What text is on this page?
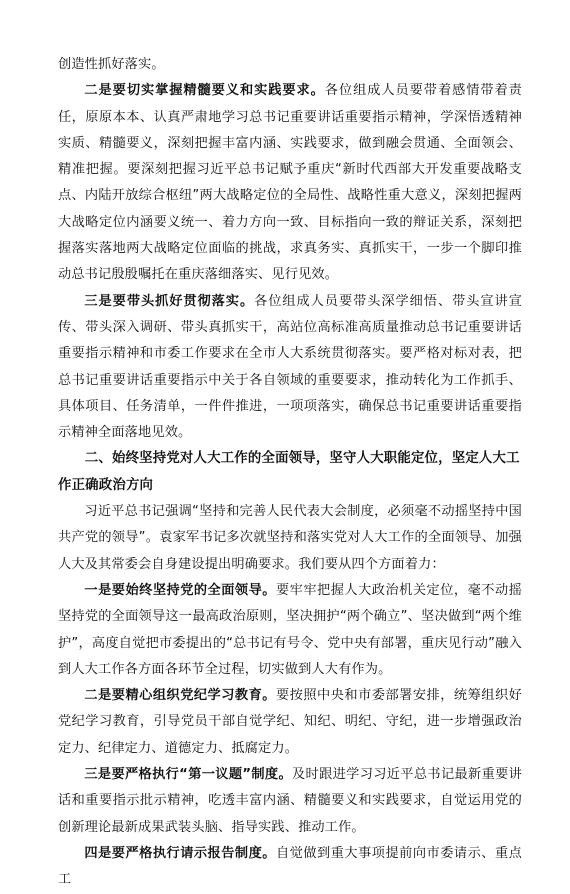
创造性抓好落实。

二是要切实掌握精髓要义和实践要求。各位组成人员要带着感情带着责任，原原本本、认真严肃地学习总书记重要讲话重要指示精神，学深悟透精神实质、精髓要义，深刻把握丰富内涵、实践要求，做到融会贯通、全面领会、精准把握。要深刻把握习近平总书记赋予重庆“新时代西部大开发重要战略支点、内陆开放综合枢纽”两大战略定位的全局性、战略性重大意义，深刻把握两大战略定位内涵要义统一、着力方向一致、目标指向一致的辩证关系，深刻把握落实落地两大战略定位面临的挑战，求真务实、真抓实干，一步一个脚印推动总书记殷殷嘱托在重庆落细落实、见行见效。

三是要带头抓好贯彻落实。各位组成人员要带头深学细悟、带头宣讲宣传、带头深入调研、带头真抓实干，高站位高标准高质量推动总书记重要讲话重要指示精神和市委工作要求在全市人大系统贯彻落实。要严格对标对表，把总书记重要讲话重要指示中关于各自领域的重要要求，推动转化为工作抓手、具体项目、任务清单，一件件推进，一项项落实，确保总书记重要讲话重要指示精神全面落地见效。

二、始终坚持党对人大工作的全面领导，坚守人大职能定位，坚定人大工作正确政治方向

习近平总书记强调“坚持和完善人民代表大会制度，必须毫不动摇坚持中国共产党的领导”。袁家军书记多次就坚持和落实党对人大工作的全面领导、加强人大及其常委会自身建设提出明确要求。我们要从四个方面着力：

一是要始终坚持党的全面领导。要牢牢把握人大政治机关定位，毫不动摇坚持党的全面领导这一最高政治原则，坚决拥护“两个确立”、坚决做到“两个维护”，高度自觉把市委提出的“总书记有号令、党中央有部署，重庆见行动”融入到人大工作各方面各环节全过程，切实做到人大有作为。

二是要精心组织党纪学习教育。要按照中央和市委部署安排，统筹组织好党纪学习教育，引导党员干部自觉学纪、知纪、明纪、守纪，进一步增强政治定力、纪律定力、道德定力、抵腐定力。

三是要严格执行“第一议题”制度。及时跟进学习习近平总书记最新重要讲话和重要指示批示精神，吃透丰富内涵、精髓要义和实践要求，自觉运用党的创新理论最新成果武装头脑、指导实践、推动工作。

四是要严格执行请示报告制度。自觉做到重大事项提前向市委请示、重点工
